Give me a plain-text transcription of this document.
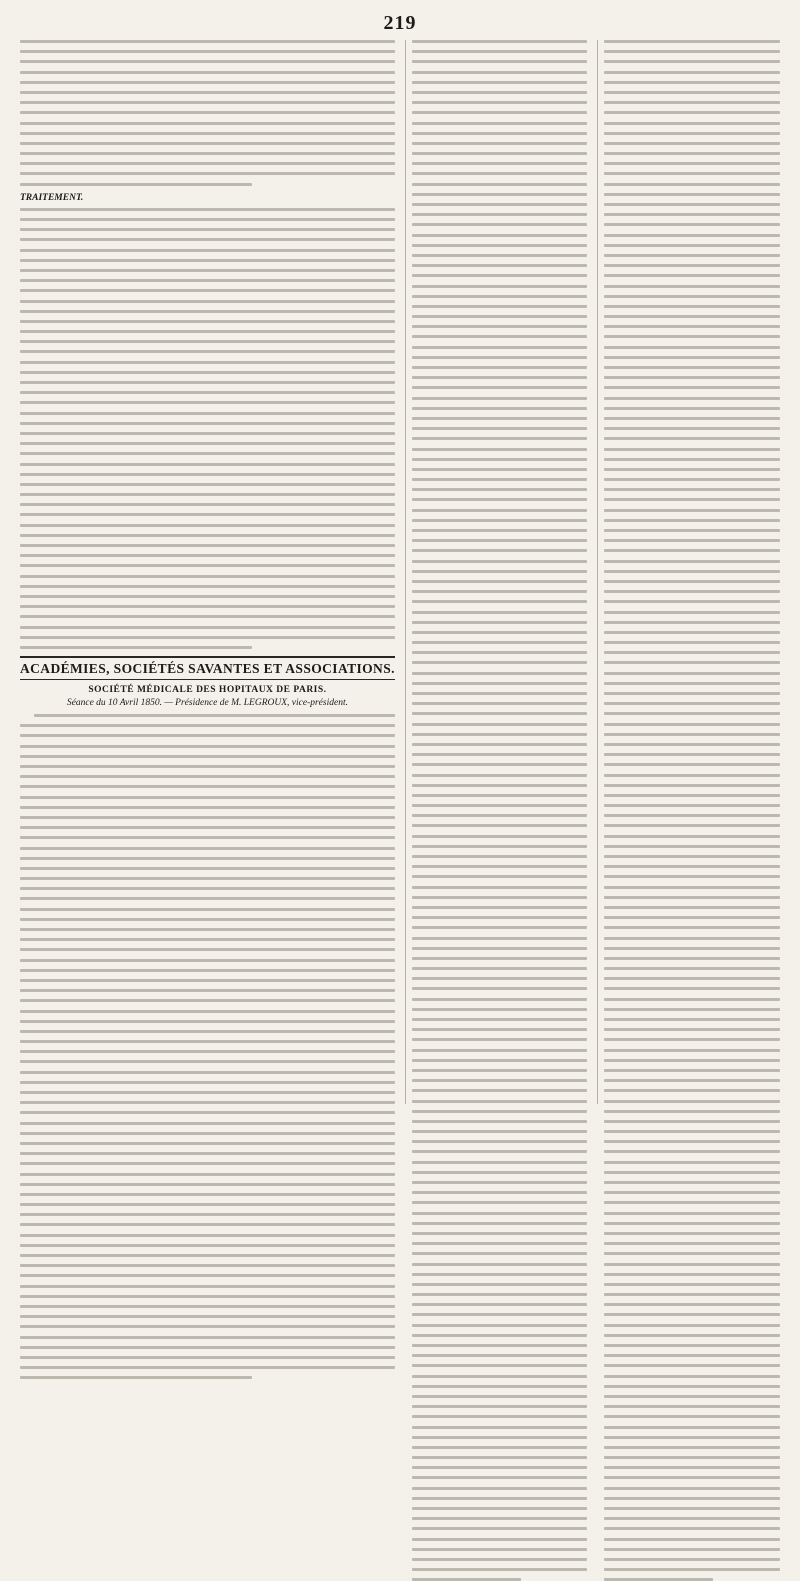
219
TRAITEMENT.
ACADÉMIES, SOCIÉTÉS SAVANTES ET ASSOCIATIONS.
SOCIÉTÉ MÉDICALE DES HOPITAUX DE PARIS.
Séance du 10 Avril 1850. — Présidence de M. LEGROUX, vice-président.
